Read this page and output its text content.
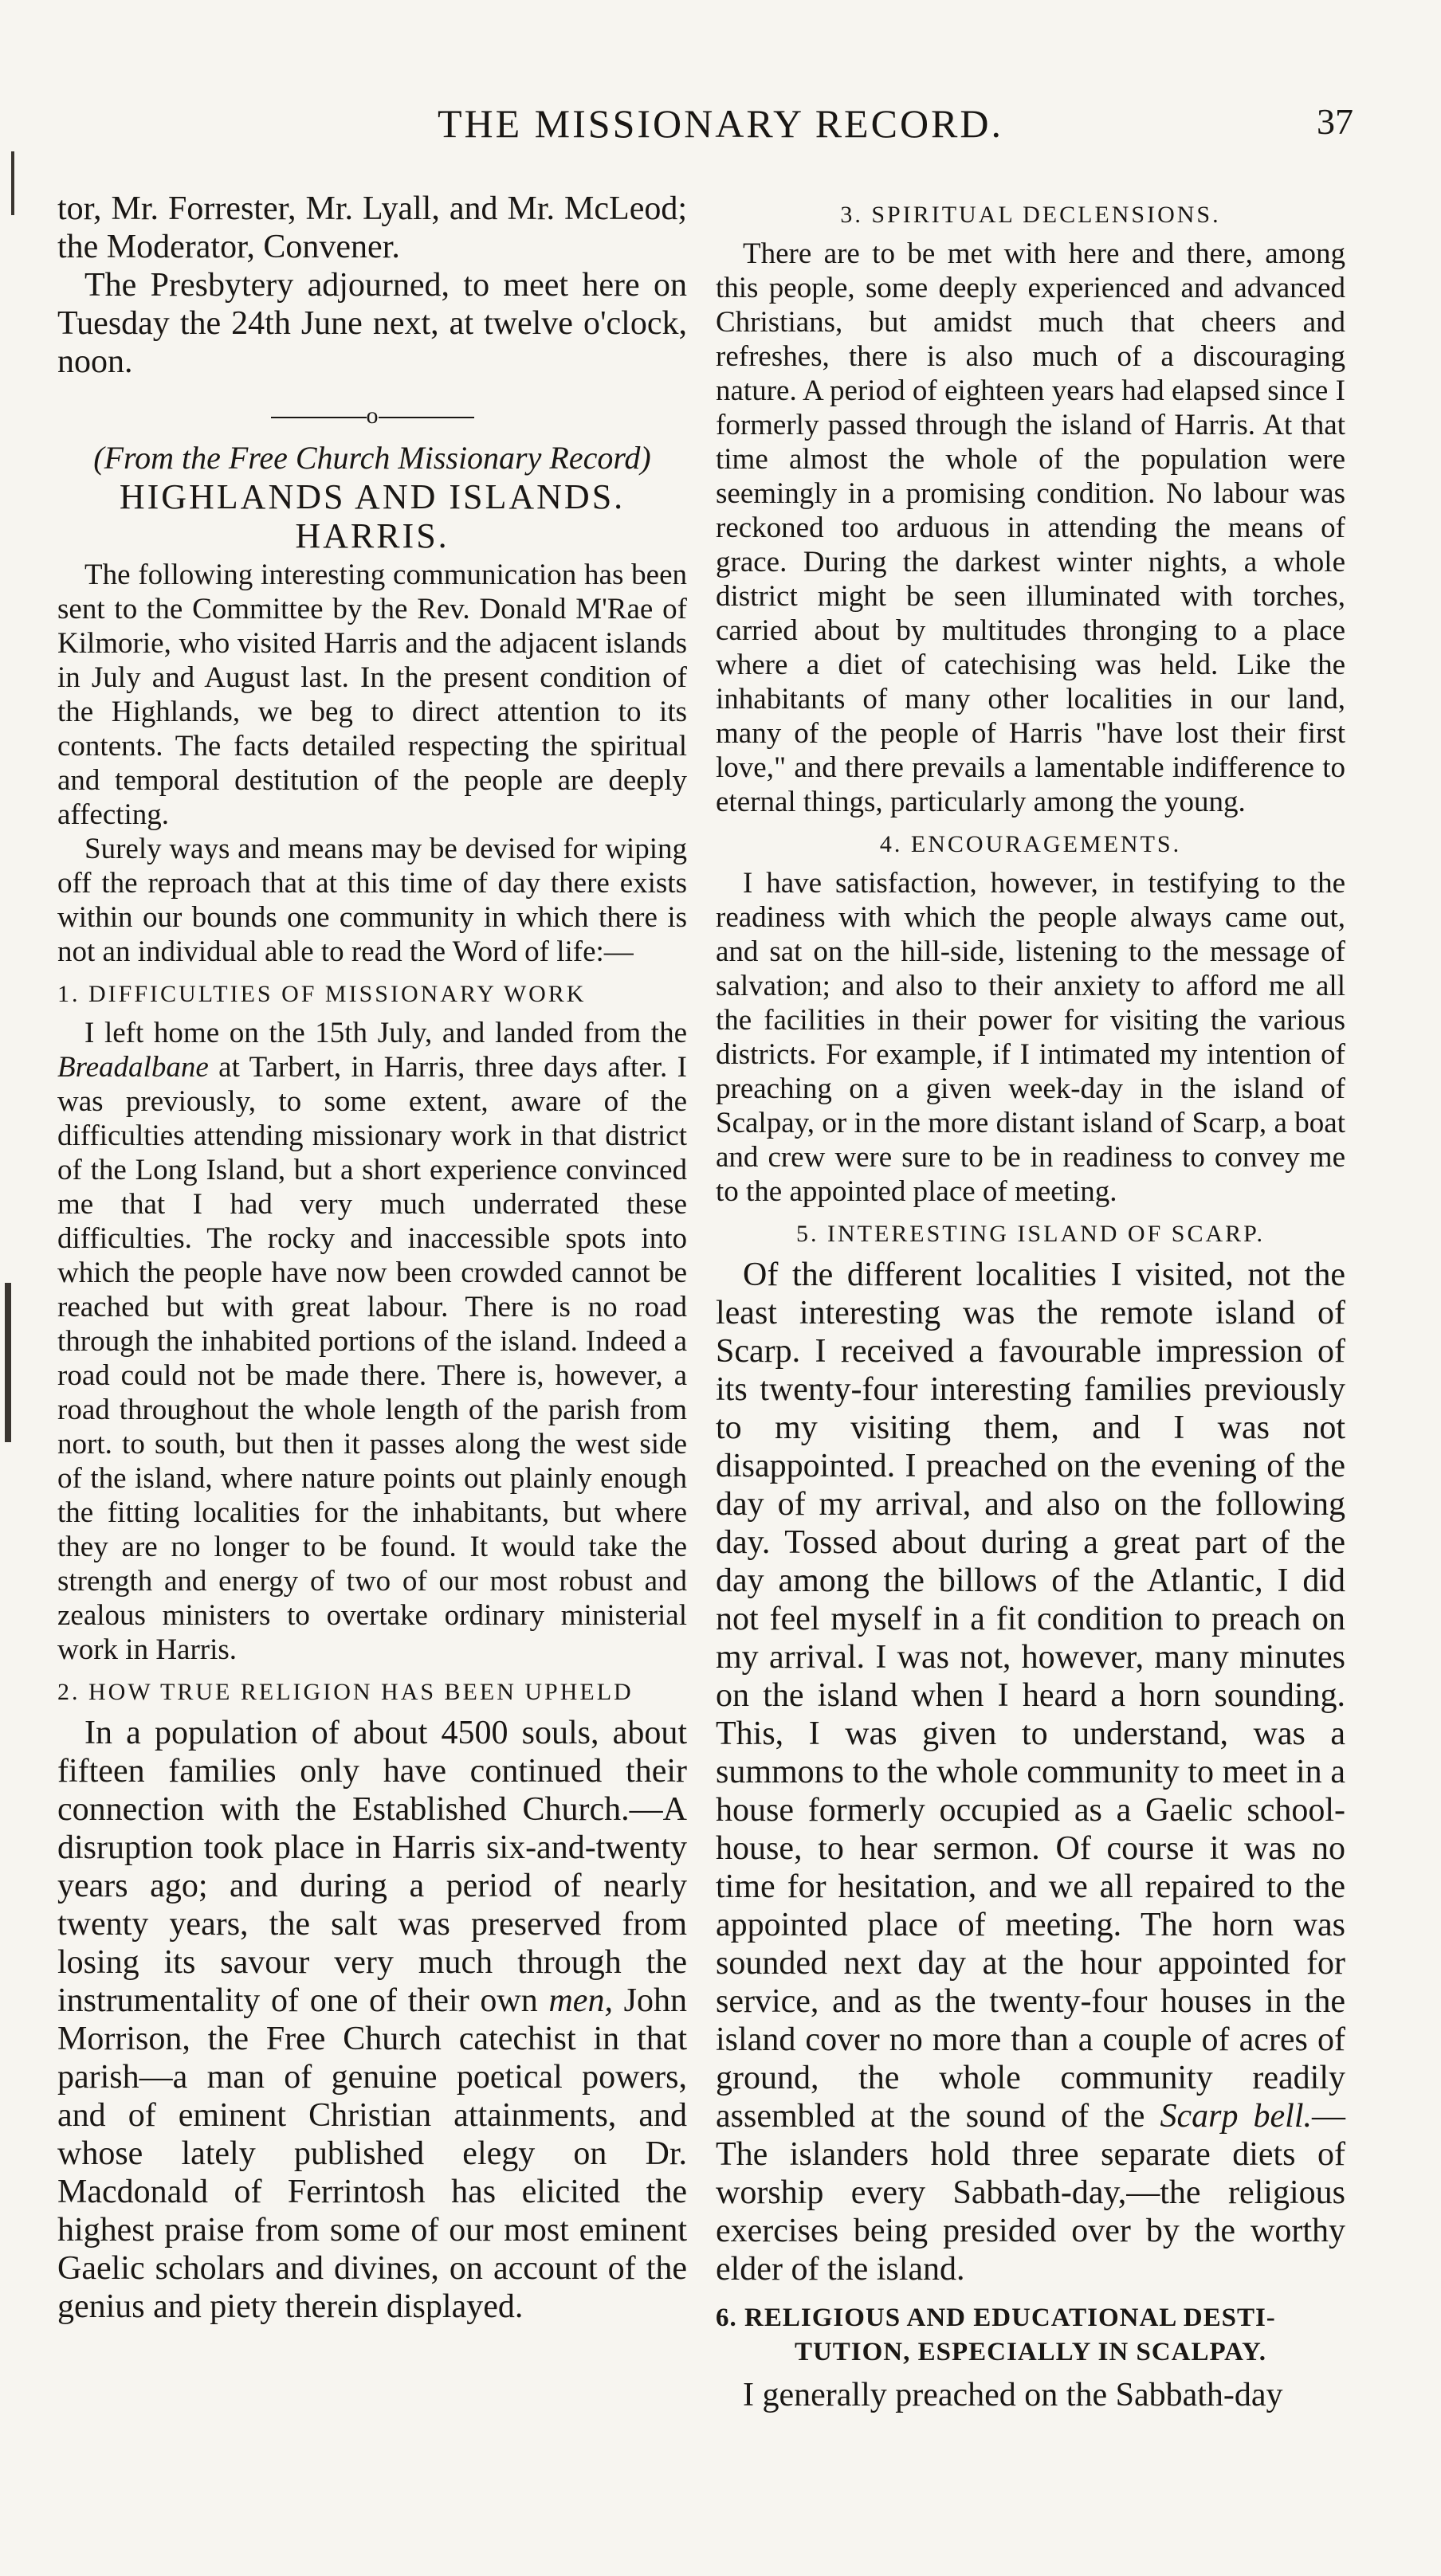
THE MISSIONARY RECORD.	37

tor, Mr. Forrester, Mr. Lyall, and Mr. McLeod; the Moderator, Convener.

The Presbytery adjourned, to meet here on Tuesday the 24th June next, at twelve o'clock, noon.

o
(From the Free Church Missionary Record)
HIGHLANDS AND ISLANDS.
HARRIS.

The following interesting communication has been sent to the Committee by the Rev. Donald M'Rae of Kilmorie, who visited Harris and the adjacent islands in July and August last. In the present condition of the Highlands, we beg to direct attention to its contents. The facts detailed respecting the spiritual and temporal destitution of the people are deeply affecting.

Surely ways and means may be devised for wiping off the reproach that at this time of day there exists within our bounds one community in which there is not an individual able to read the Word of life:—

1. DIFFICULTIES OF MISSIONARY WORK

I left home on the 15th July, and landed from the Breadalbane at Tarbert, in Harris, three days after. I was previously, to some extent, aware of the difficulties attending missionary work in that district of the Long Island, but a short experience convinced me that I had very much underrated these difficulties. The rocky and inaccessible spots into which the people have now been crowded cannot be reached but with great labour. There is no road through the inhabited portions of the island. Indeed a road could not be made there. There is, however, a road throughout the whole length of the parish from nort. to south, but then it passes along the west side of the island, where nature points out plainly enough the fitting localities for the inhabitants, but where they are no longer to be found. It would take the strength and energy of two of our most robust and zealous ministers to overtake ordinary ministerial work in Harris.

2. HOW TRUE RELIGION HAS BEEN UPHELD

In a population of about 4500 souls, about fifteen families only have continued their connection with the Established Church.—A disruption took place in Harris six-and-twenty years ago; and during a period of nearly twenty years, the salt was preserved from losing its savour very much through the instrumentality of one of their own men, John Morrison, the Free Church catechist in that parish—a man of genuine poetical powers, and of eminent Christian attainments, and whose lately published elegy on Dr. Macdonald of Ferrintosh has elicited the highest praise from some of our most eminent Gaelic scholars and divines, on account of the genius and piety therein displayed.

3. SPIRITUAL DECLENSIONS.

There are to be met with here and there, among this people, some deeply experienced and advanced Christians, but amidst much that cheers and refreshes, there is also much of a discouraging nature. A period of eighteen years had elapsed since I formerly passed through the island of Harris. At that time almost the whole of the population were seemingly in a promising condition. No labour was reckoned too arduous in attending the means of grace. During the darkest winter nights, a whole district might be seen illuminated with torches, carried about by multitudes thronging to a place where a diet of catechising was held. Like the inhabitants of many other localities in our land, many of the people of Harris "have lost their first love," and there prevails a lamentable indifference to eternal things, particularly among the young.

4. ENCOURAGEMENTS.

I have satisfaction, however, in testifying to the readiness with which the people always came out, and sat on the hill-side, listening to the message of salvation; and also to their anxiety to afford me all the facilities in their power for visiting the various districts. For example, if I intimated my intention of preaching on a given week-day in the island of Scalpay, or in the more distant island of Scarp, a boat and crew were sure to be in readiness to convey me to the appointed place of meeting.

5. INTERESTING ISLAND OF SCARP.

Of the different localities I visited, not the least interesting was the remote island of Scarp. I received a favourable impression of its twenty-four interesting families previously to my visiting them, and I was not disappointed. I preached on the evening of the day of my arrival, and also on the following day. Tossed about during a great part of the day among the billows of the Atlantic, I did not feel myself in a fit condition to preach on my arrival. I was not, however, many minutes on the island when I heard a horn sounding. This, I was given to understand, was a summons to the whole community to meet in a house formerly occupied as a Gaelic school-house, to hear sermon. Of course it was no time for hesitation, and we all repaired to the appointed place of meeting. The horn was sounded next day at the hour appointed for service, and as the twenty-four houses in the island cover no more than a couple of acres of ground, the whole community readily assembled at the sound of the Scarp bell.—The islanders hold three separate diets of worship every Sabbath-day,—the religious exercises being presided over by the worthy elder of the island.

6. RELIGIOUS AND EDUCATIONAL DESTI-
TUTION, ESPECIALLY IN SCALPAY.

I generally preached on the Sabbath-day
